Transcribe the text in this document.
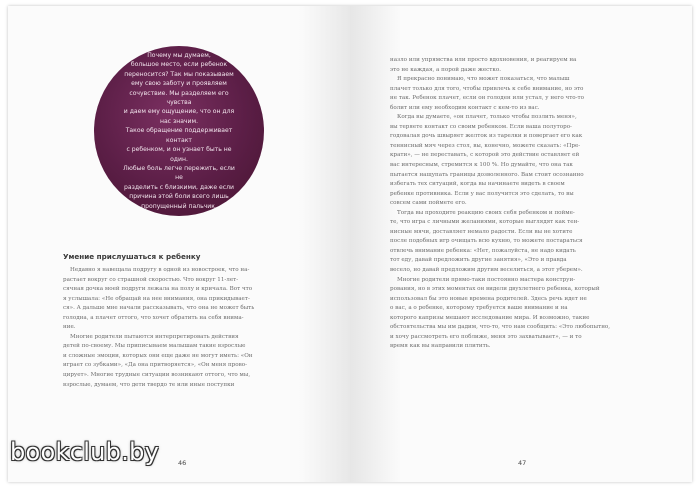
Почему мы думаем,
большое место, если ребенок
переносится? Так мы показываем
ему свою заботу и проявляем
сочувствие. Мы разделяем его чувства
и даем ему ощущение, что он для нас значим.
Такое обращение поддерживает контакт
с ребенком, и он узнает быть не один.
Любые боль легче пережить, если не
разделить с близкими, даже если
причина этой боли всего лишь
пропущенный пальчик.
Умение прислушаться к ребенку
Недавно я навещала подругу в одной из новостроек, что на-
растает вокруг со страшной скоростью. Что вокруг 11-лет-
сячная дочка моей подруги лежала на полу и кричала. Вот что
я услышала: «Не обращай на нее внимания, она прикидывает-
ся». А дальше мне начали рассказывать, что она не может быть
голодна, а плачет оттого, что хочет обратить на себя внима-
ние.
Многие родители пытаются интерпретировать действия
детей по-своему. Мы приписываем малышам такие взрослые
и сложные эмоции, которых они еще даже не могут иметь: «Он
играет со зубками», «Да она притворяется», «Он меня прово-
цирует». Многие трудные ситуации возникают оттого, что мы,
взрослые, думаем, что дети твердо те или иные поступки
46
назло или упрямства или просто вдохновения, и реагируем на
это не каждая, а порой даже жестко.
Я прекрасно понимаю, что может показаться, что малыш
плачет только для того, чтобы привлечь к себе внимание, но это
не так. Ребенок плачет, если он голоден или устал, у него что-то
болит или ему необходим контакт с кем-то из вас.
Когда вы думаете, «он плачет, только чтобы позлить меня»,
вы теряете контакт со своим ребенком. Если ваша полуторо-
годовалая дочь швыряет желток из тарелки и повергает его как
теннисный мяч через стол, вы, конечно, можете сказать: «Пре-
крати», — не переставать, с которой это действие оставляет ей
вас интересным, стремится к 100 %. Но думайте, что она так
пытается нащупать границы дозволенного. Вам стоит осознанно
избегать тех ситуаций, когда вы начинаете видеть в своем
ребенке противника. Если у вас получится это сделать, то вы
совсем сами поймете его.
Тогда вы проходите реакцию своих себя ребенком и пойме-
те, что игра с личными желаниями, которые выглядят как тен-
нисные мячи, доставляет немало радости. Если вы не хотите
после подобных игр очищать всю кухню, то можете постараться
отвлечь внимание ребенка: «Нет, пожалуйста, не надо кидать
тот еду, давай предложить другие занятия», «Это и правда
весело, но давай предложим другим веселиться, а этот уберем».
Многие родители прямо-таки постоянно мастера конструи-
рования, но в этих моментах он видели двухлетнего ребенка, который
использовал бы это новые времена родителей. Здесь речь идет не
о вас, а о ребенке, которому требуется ваше внимание и на
которого капризы мешают исследование мира. И возможно, такие
обстоятельства мы им дадим, что-то, что нам сообщить: «Это любопытно,
и хочу рассмотреть его поближе, меня это захватывает», — и то
время как вы направили плитить.
47
bookclub.by
